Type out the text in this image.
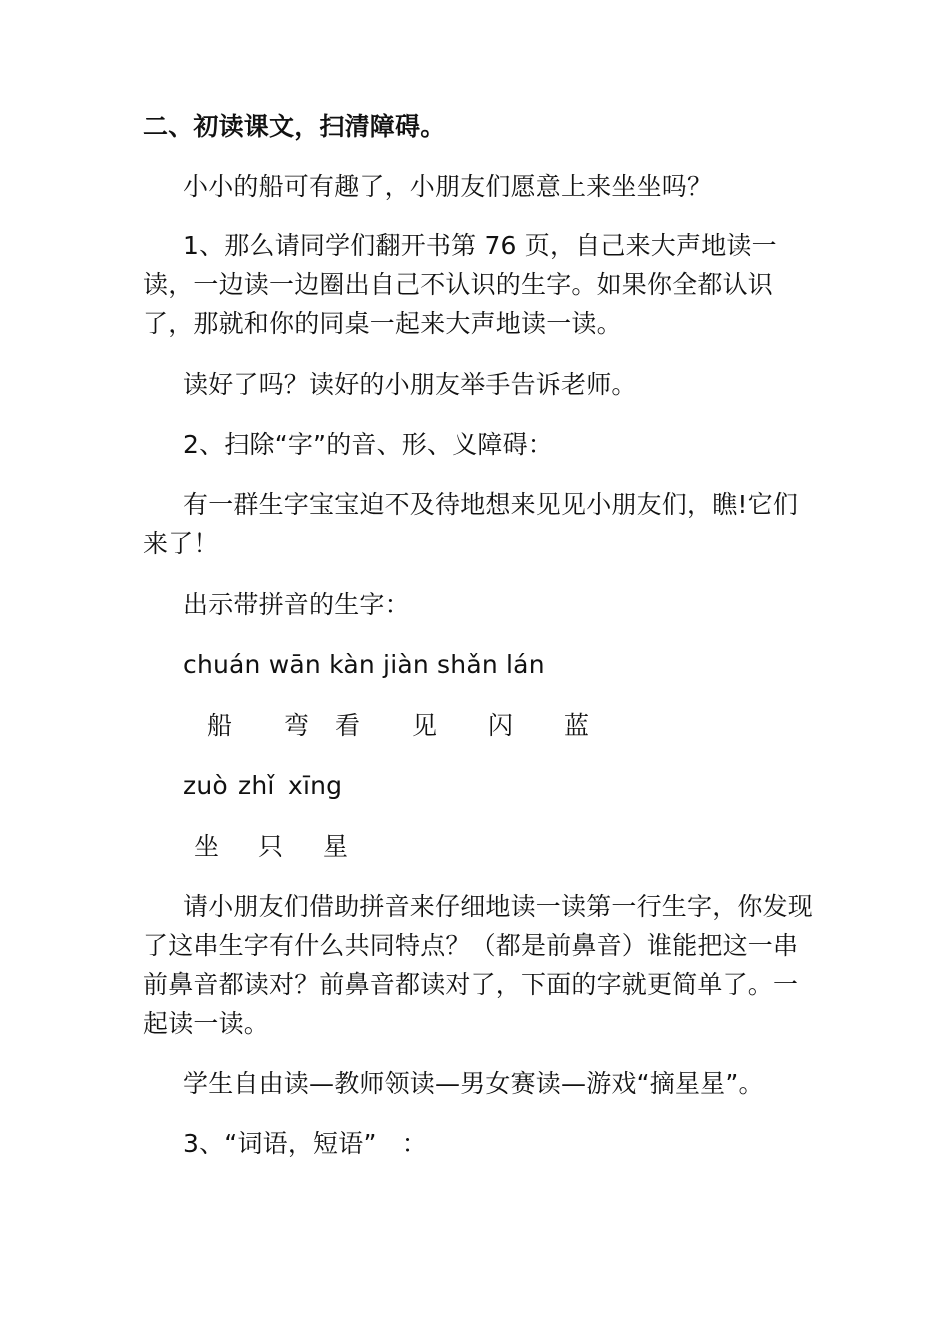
二、初读课文，扫清障碍。

小小的船可有趣了，小朋友们愿意上来坐坐吗？

1、那么请同学们翻开书第 76 页，自己来大声地读一读，一边读一边圈出自己不认识的生字。如果你全都认识了，那就和你的同桌一起来大声地读一读。

读好了吗？读好的小朋友举手告诉老师。

2、扫除“字”的音、形、义障碍：

有一群生字宝宝迫不及待地想来见见小朋友们，瞧!它们来了！

出示带拼音的生字：

chuán wān kàn jiàn shǎn lán

船 弯 看 见 闪 蓝
zuò zhǐ xīng
坐 只 星

请小朋友们借助拼音来仔细地读一读第一行生字，你发现了这串生字有什么共同特点？（都是前鼻音）谁能把这一串前鼻音都读对？前鼻音都读对了，下面的字就更简单了。一起读一读。

学生自由读—教师领读—男女赛读—游戏“摘星星”。

3、“词语，短语”　：
